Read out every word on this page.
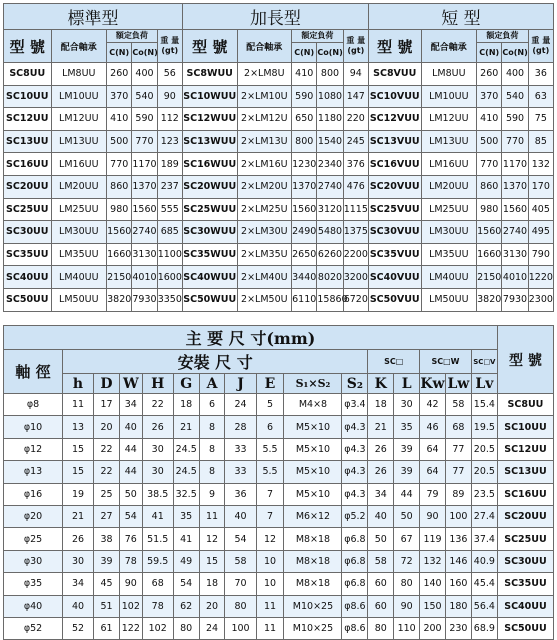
標準型					加長型					短 型				
型 號	配合軸承	額定負荷		重 量 (gt)	型 號	配合軸承	額定負荷		重 量 (gt)	型 號	配合軸承	額定負荷		重 量 (gt)
		C(N)	Co(N)				C(N)	Co(N)				C(N)	Co(N)	
SC8UU	LM8UU	260	400	56	SC8WUU	2×LM8U	410	800	94	SC8VUU	LM8UU	260	400	36
SC10UU	LM10UU	370	540	90	SC10WUU	2×LM10U	590	1080	147	SC10VUU	LM10UU	370	540	63
SC12UU	LM12UU	410	590	112	SC12WUU	2×LM12U	650	1180	220	SC12VUU	LM12UU	410	590	75
SC13UU	LM13UU	500	770	123	SC13WUU	2×LM13U	800	1540	245	SC13VUU	LM13UU	500	770	85
SC16UU	LM16UU	770	1170	189	SC16WUU	2×LM16U	1230	2340	376	SC16VUU	LM16UU	770	1170	132
SC20UU	LM20UU	860	1370	237	SC20WUU	2×LM20U	1370	2740	476	SC20VUU	LM20UU	860	1370	170
SC25UU	LM25UU	980	1560	555	SC25WUU	2×LM25U	1560	3120	1115	SC25VUU	LM25UU	980	1560	405
SC30UU	LM30UU	1560	2740	685	SC30WUU	2×LM30U	2490	5480	1375	SC30VUU	LM30UU	1560	2740	495
SC35UU	LM35UU	1660	3130	1100	SC35WUU	2×LM35U	2650	6260	2200	SC35VUU	LM35UU	1660	3130	790
SC40UU	LM40UU	2150	4010	1600	SC40WUU	2×LM40U	3440	8020	3200	SC40VUU	LM40UU	2150	4010	1220
SC50UU	LM50UU	3820	7930	3350	SC50WUU	2×LM50U	6110	15860	6720	SC50VUU	LM50UU	3820	7930	2300
主 要 尺 寸(mm)																型 號
軸 徑	安裝 尺 寸										SC□		SC□W		SC□V	
	h	D	W	H	G	A	J	E	S₁×S₂	S₂	K	L	Kw	Lw	Lv	
φ8	11	17	34	22	18	6	24	5	M4×8	φ3.4	18	30	42	58	15.4	SC8UU
φ10	13	20	40	26	21	8	28	6	M5×10	φ4.3	21	35	46	68	19.5	SC10UU
φ12	15	22	44	30	24.5	8	33	5.5	M5×10	φ4.3	26	39	64	77	20.5	SC12UU
φ13	15	22	44	30	24.5	8	33	5.5	M5×10	φ4.3	26	39	64	77	20.5	SC13UU
φ16	19	25	50	38.5	32.5	9	36	7	M5×10	φ4.3	34	44	79	89	23.5	SC16UU
φ20	21	27	54	41	35	11	40	7	M6×12	φ5.2	40	50	90	100	27.4	SC20UU
φ25	26	38	76	51.5	41	12	54	12	M8×18	φ6.8	50	67	119	136	37.4	SC25UU
φ30	30	39	78	59.5	49	15	58	10	M8×18	φ6.8	58	72	132	146	40.9	SC30UU
φ35	34	45	90	68	54	18	70	10	M8×18	φ6.8	60	80	140	160	45.4	SC35UU
φ40	40	51	102	78	62	20	80	11	M10×25	φ8.6	60	90	150	180	56.4	SC40UU
φ52	52	61	122	102	80	24	100	11	M10×25	φ8.6	80	110	200	230	68.9	SC50UU
